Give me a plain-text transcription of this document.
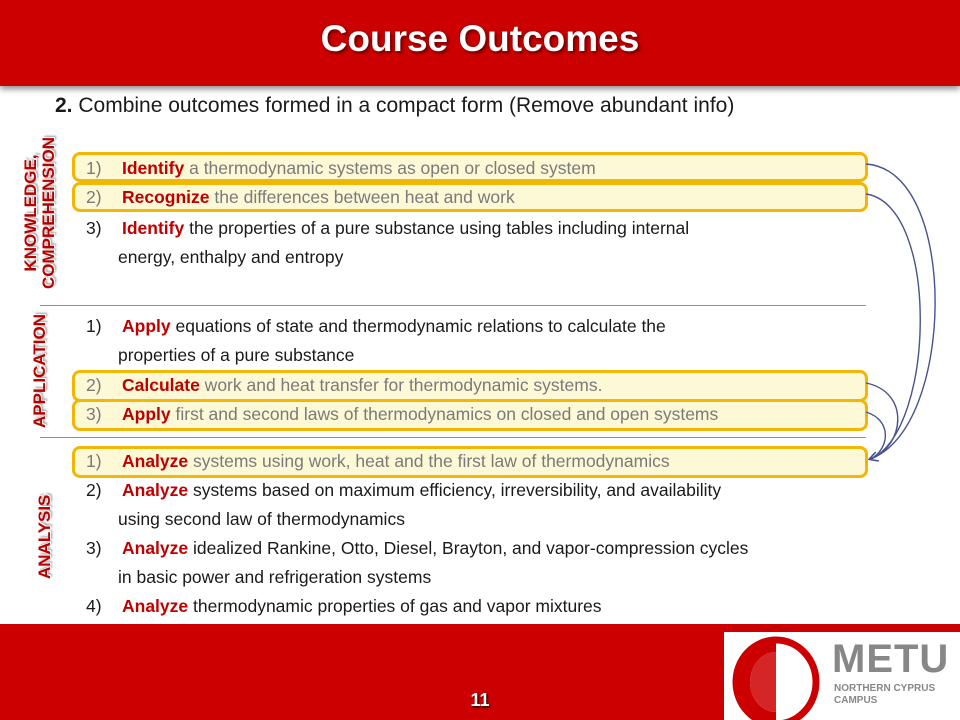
Course Outcomes
2. Combine outcomes formed in a compact form (Remove abundant info)
KNOWLEDGE, COMPREHENSION
APPLICATION
ANALYSIS
1) Identify a thermodynamic systems as open or closed system
2) Recognize the differences between heat and work
3) Identify the properties of a pure substance using tables including internal
energy, enthalpy and entropy
1) Apply equations of state and thermodynamic relations to calculate the
properties of a pure substance
2) Calculate work and heat transfer for thermodynamic systems.
3) Apply first and second laws of thermodynamics on closed and open systems
1) Analyze systems using work, heat and the first law of thermodynamics
2) Analyze systems based on maximum efficiency, irreversibility, and availability
using second law of thermodynamics
3) Analyze idealized Rankine, Otto, Diesel, Brayton, and vapor-compression cycles
in basic power and refrigeration systems
4) Analyze thermodynamic properties of gas and vapor mixtures
11
METU
NORTHERN CYPRUS
CAMPUS
